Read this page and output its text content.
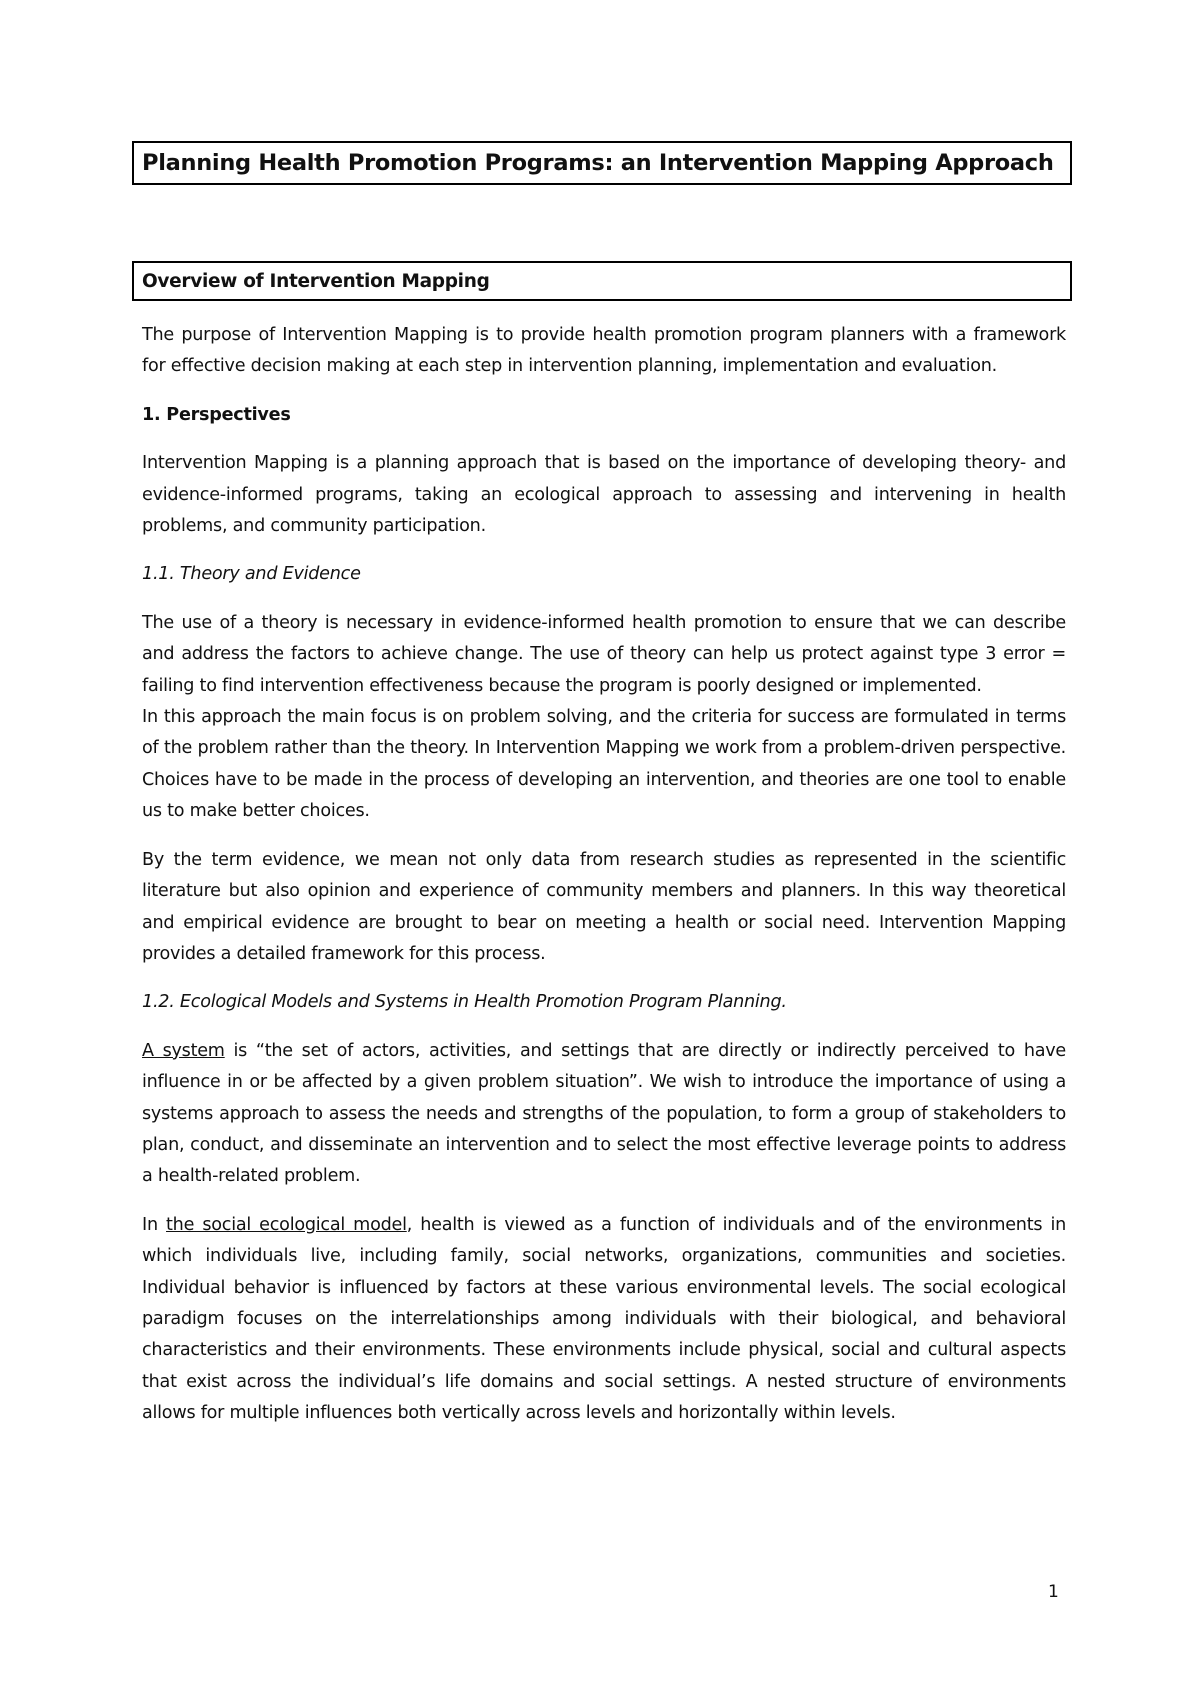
Planning Health Promotion Programs: an Intervention Mapping Approach
Overview of Intervention Mapping

The purpose of Intervention Mapping is to provide health promotion program planners with a framework for effective decision making at each step in intervention planning, implementation and evaluation.

1. Perspectives

Intervention Mapping is a planning approach that is based on the importance of developing theory- and evidence-informed programs, taking an ecological approach to assessing and intervening in health problems, and community participation.

1.1. Theory and Evidence

The use of a theory is necessary in evidence-informed health promotion to ensure that we can describe and address the factors to achieve change. The use of theory can help us protect against type 3 error = failing to find intervention effectiveness because the program is poorly designed or implemented.

In this approach the main focus is on problem solving, and the criteria for success are formulated in terms of the problem rather than the theory. In Intervention Mapping we work from a problem-driven perspective. Choices have to be made in the process of developing an intervention, and theories are one tool to enable us to make better choices.

By the term evidence, we mean not only data from research studies as represented in the scientific literature but also opinion and experience of community members and planners. In this way theoretical and empirical evidence are brought to bear on meeting a health or social need. Intervention Mapping provides a detailed framework for this process.

1.2. Ecological Models and Systems in Health Promotion Program Planning.

A system is “the set of actors, activities, and settings that are directly or indirectly perceived to have influence in or be affected by a given problem situation”. We wish to introduce the importance of using a systems approach to assess the needs and strengths of the population, to form a group of stakeholders to plan, conduct, and disseminate an intervention and to select the most effective leverage points to address a health-related problem.

In the social ecological model, health is viewed as a function of individuals and of the environments in which individuals live, including family, social networks, organizations, communities and societies. Individual behavior is influenced by factors at these various environmental levels. The social ecological paradigm focuses on the interrelationships among individuals with their biological, and behavioral characteristics and their environments. These environments include physical, social and cultural aspects that exist across the individual’s life domains and social settings. A nested structure of environments allows for multiple influences both vertically across levels and horizontally within levels.

1
